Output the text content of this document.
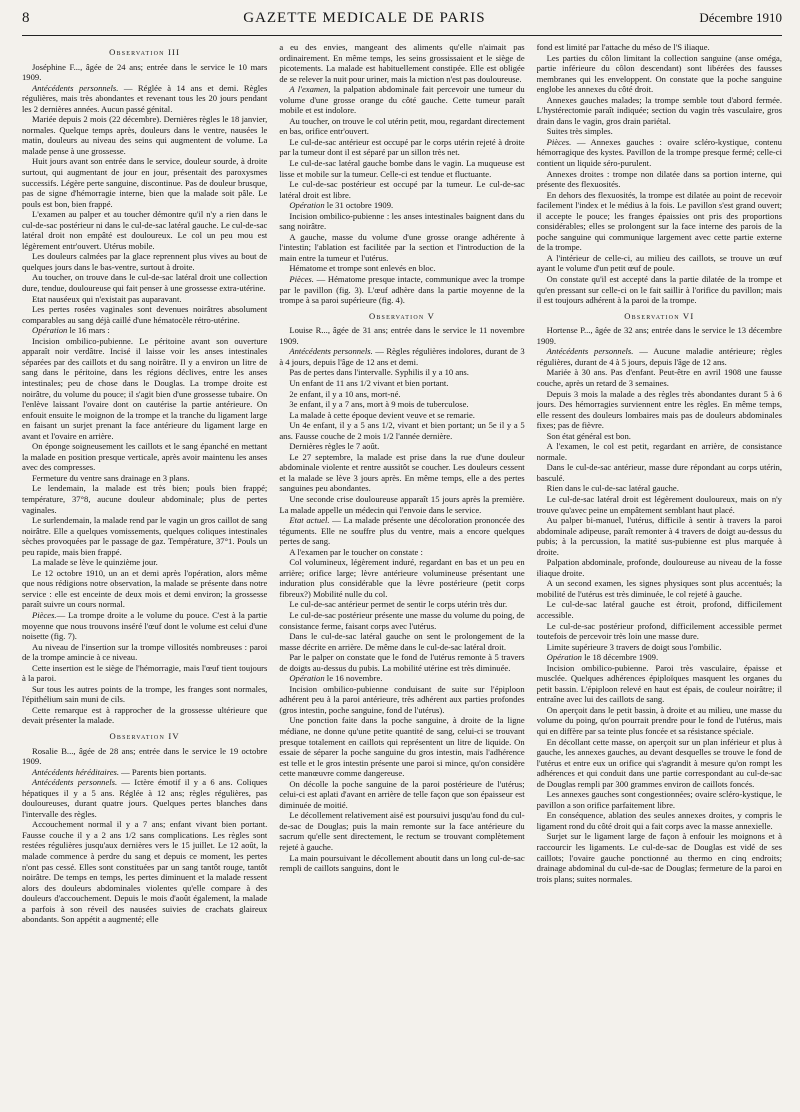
8	GAZETTE MEDICALE DE PARIS	Décembre 1910
Observation III

Joséphine F..., âgée de 24 ans; entrée dans le service le 10 mars 1909.

Antécédents personnels. — Réglée à 14 ans et demi. Règles régulières, mais très abondantes et revenant tous les 20 jours pendant les 2 dernières années. Aucun passé génital.

Mariée depuis 2 mois (22 décembre). Dernières règles le 18 janvier, normales. Quelque temps après, douleurs dans le ventre, nausées le matin, douleurs au niveau des seins qui augmentent de volume. La malade pense à une grossesse.

Huit jours avant son entrée dans le service, douleur sourde, à droite surtout, qui augmentant de jour en jour, présentait des paroxysmes successifs. Légère perte sanguine, discontinue. Pas de douleur brusque, pas de signe d'hémorragie interne, bien que la malade soit pâle. Le pouls est bon, bien frappé.

L'examen au palper et au toucher démontre qu'il n'y a rien dans le cul-de-sac postérieur ni dans le cul-de-sac latéral gauche. Le cul-de-sac latéral droit non empâté est douloureux. Le col un peu mou est légèrement entr'ouvert. Utérus mobile.

Les douleurs calmées par la glace reprennent plus vives au bout de quelques jours dans le bas-ventre, surtout à droite.

Au toucher, on trouve dans le cul-de-sac latéral droit une collection dure, tendue, douloureuse qui fait penser à une grossesse extra-utérine.

Etat nauséeux qui n'existait pas auparavant.

Les pertes rosées vaginales sont devenues noirâtres absolument comparables au sang déjà caillé d'une hématocèle rétro-utérine.

Opération le 16 mars :

Incision ombilico-pubienne. Le péritoine avant son ouverture apparaît noir verdâtre. Incisé il laisse voir les anses intestinales séparées par des caillots et du sang noirâtre. Il y a environ un litre de sang dans le péritoine, dans les régions déclives, entre les anses intestinales; peu de chose dans le Douglas. La trompe droite est noirâtre, du volume du pouce; il s'agit bien d'une grossesse tubaire. On l'enlève laissant l'ovaire dont on cautérise la partie antérieure. On enfouit ensuite le moignon de la trompe et la tranche du ligament large en faisant un surjet prenant la face antérieure du ligament large en avant et l'ovaire en arrière.

On éponge soigneusement les caillots et le sang épanché en mettant la malade en position presque verticale, après avoir maintenu les anses avec des compresses.

Fermeture du ventre sans drainage en 3 plans.

Le lendemain, la malade est très bien; pouls bien frappé; température, 37°8, aucune douleur abdominale; plus de pertes vaginales.

Le surlendemain, la malade rend par le vagin un gros caillot de sang noirâtre. Elle a quelques vomissements, quelques coliques intestinales sèches provoquées par le passage de gaz. Température, 37°1. Pouls un peu rapide, mais bien frappé.

La malade se lève le quinzième jour.

Le 12 octobre 1910, un an et demi après l'opération, alors même que nous rédigions notre observation, la malade se présente dans notre service : elle est enceinte de deux mois et demi environ; la grossesse paraît suivre un cours normal.

Pièces.— La trompe droite a le volume du pouce. C'est à la partie moyenne que nous trouvons inséré l'œuf dont le volume est celui d'une noisette (fig. 7).

Au niveau de l'insertion sur la trompe villosités nombreuses : paroi de la trompe amincie à ce niveau.

Cette insertion est le siège de l'hémorragie, mais l'œuf tient toujours à la paroi.

Sur tous les autres points de la trompe, les franges sont normales, l'épithélium sain muni de cils.

Cette remarque est à rapprocher de la grossesse ultérieure que devait présenter la malade.

Observation IV

Rosalie B..., âgée de 28 ans; entrée dans le service le 19 octobre 1909.

Antécédents héréditaires. — Parents bien portants.

Antécédents personnels. — Ictère émotif il y a 6 ans. Coliques hépatiques il y a 5 ans. Réglée à 12 ans; règles régulières, pas douloureuses, durant quatre jours. Quelques pertes blanches dans l'intervalle des règles.

Accouchement normal il y a 7 ans; enfant vivant bien portant. Fausse couche il y a 2 ans 1/2 sans complications. Les règles sont restées régulières jusqu'aux dernières vers le 15 juillet. Le 12 août, la malade commence à perdre du sang et depuis ce moment, les pertes n'ont pas cessé. Elles sont constituées par un sang tantôt rouge, tantôt noirâtre. De temps en temps, les pertes diminuent et la malade ressent alors des douleurs abdominales violentes qu'elle compare à des douleurs d'accouchement. Depuis le mois d'août également, la malade a parfois à son réveil des nausées suivies de crachats glaireux abondants. Son appétit a augmenté; elle

a eu des envies, mangeant des aliments qu'elle n'aimait pas ordinairement. En même temps, les seins grossissaient et le siège de picotements. La malade est habituellement constipée. Elle est obligée de se relever la nuit pour uriner, mais la miction n'est pas douloureuse.

A l'examen, la palpation abdominale fait percevoir une tumeur du volume d'une grosse orange du côté gauche. Cette tumeur paraît mobile et est indolore.

Au toucher, on trouve le col utérin petit, mou, regardant directement en bas, orifice entr'ouvert.

Le cul-de-sac antérieur est occupé par le corps utérin rejeté à droite par la tumeur dont il est séparé par un sillon très net.

Le cul-de-sac latéral gauche bombe dans le vagin. La muqueuse est lisse et mobile sur la tumeur. Celle-ci est tendue et fluctuante.

Le cul-de-sac postérieur est occupé par la tumeur. Le cul-de-sac latéral droit est libre.

Opération le 31 octobre 1909.

Incision ombilico-pubienne : les anses intestinales baignent dans du sang noirâtre.

A gauche, masse du volume d'une grosse orange adhérente à l'intestin; l'ablation est facilitée par la section et l'introduction de la main entre la tumeur et l'utérus.

Hématome et trompe sont enlevés en bloc.

Pièces. — Hématome presque intacte, communique avec la trompe par le pavillon (fig. 3). L'œuf adhère dans la partie moyenne de la trompe à sa paroi supérieure (fig. 4).

Observation V

Louise R..., âgée de 31 ans; entrée dans le service le 11 novembre 1909.

Antécédents personnels. — Règles régulières indolores, durant de 3 à 4 jours, depuis l'âge de 12 ans et demi.

Pas de pertes dans l'intervalle. Syphilis il y a 10 ans.

Un enfant de 11 ans 1/2 vivant et bien portant.

2e enfant, il y a 10 ans, mort-né.

3e enfant, il y a 7 ans, mort à 9 mois de tuberculose.

La malade à cette époque devient veuve et se remarie.

Un 4e enfant, il y a 5 ans 1/2, vivant et bien portant; un 5e il y a 5 ans. Fausse couche de 2 mois 1/2 l'année dernière.

Dernières règles le 7 août.

Le 27 septembre, la malade est prise dans la rue d'une douleur abdominale violente et rentre aussitôt se coucher. Les douleurs cessent et la malade se lève 3 jours après. En même temps, elle a des pertes sanguines peu abondantes.

Une seconde crise douloureuse apparaît 15 jours après la première. La malade appelle un médecin qui l'envoie dans le service.

Etat actuel. — La malade présente une décoloration prononcée des téguments. Elle ne souffre plus du ventre, mais a encore quelques pertes de sang.

A l'examen par le toucher on constate :

Col volumineux, légèrement induré, regardant en bas et un peu en arrière; orifice large; lèvre antérieure volumineuse présentant une induration plus considérable que la lèvre postérieure (petit corps fibreux?) Mobilité nulle du col.

Le cul-de-sac antérieur permet de sentir le corps utérin très dur.

Le cul-de-sac postérieur présente une masse du volume du poing, de consistance ferme, faisant corps avec l'utérus.

Dans le cul-de-sac latéral gauche on sent le prolongement de la masse décrite en arrière. De même dans le cul-de-sac latéral droit.

Par le palper on constate que le fond de l'utérus remonte à 5 travers de doigts au-dessus du pubis. La mobilité utérine est très diminuée.

Opération le 16 novembre.

Incision ombilico-pubienne conduisant de suite sur l'épiploon adhérent peu à la paroi antérieure, très adhérent aux parties profondes (gros intestin, poche sanguine, fond de l'utérus).

Une ponction faite dans la poche sanguine, à droite de la ligne médiane, ne donne qu'une petite quantité de sang, celui-ci se trouvant presque totalement en caillots qui représentent un litre de liquide. On essaie de séparer la poche sanguine du gros intestin, mais l'adhérence est telle et le gros intestin présente une paroi si mince, qu'on considère cette manœuvre comme dangereuse.

On décolle la poche sanguine de la paroi postérieure de l'utérus; celui-ci est aplati d'avant en arrière de telle façon que son épaisseur est diminuée de moitié.

Le décollement relativement aisé est poursuivi jusqu'au fond du cul-de-sac de Douglas; puis la main remonte sur la face antérieure du sacrum qu'elle sent directement, le rectum se trouvant complètement rejeté à gauche.

La main poursuivant le décollement aboutit dans un long cul-de-sac rempli de caillots sanguins, dont le

fond est limité par l'attache du méso de l'S iliaque.

Les parties du côlon limitant la collection sanguine (anse oméga, partie inférieure du côlon descendant) sont libérées des fausses membranes qui les enveloppent. On constate que la poche sanguine englobe les annexes du côté droit.

Annexes gauches malades; la trompe semble tout d'abord fermée. L'hystérectomie paraît indiquée; section du vagin très vasculaire, gros drain dans le vagin, gros drain pariétal.

Suites très simples.

Pièces. — Annexes gauches : ovaire scléro-kystique, contenu hémorragique des kystes. Pavillon de la trompe presque fermé; celle-ci contient un liquide séro-purulent.

Annexes droites : trompe non dilatée dans sa portion interne, qui présente des flexuosités.

En dehors des flexuosités, la trompe est dilatée au point de recevoir facilement l'index et le médius à la fois. Le pavillon s'est grand ouvert; il accepte le pouce; les franges épaissies ont pris des proportions considérables; elles se prolongent sur la face interne des parois de la poche sanguine qui communique largement avec cette partie externe de la trompe.

A l'intérieur de celle-ci, au milieu des caillots, se trouve un œuf ayant le volume d'un petit œuf de poule.

On constate qu'il est accepté dans la partie dilatée de la trompe et qu'en pressant sur celle-ci on le fait saillir à l'orifice du pavillon; mais il est toujours adhérent à la paroi de la trompe.

Observation VI

Hortense P..., âgée de 32 ans; entrée dans le service le 13 décembre 1909.

Antécédents personnels. — Aucune maladie antérieure; règles régulières, durant de 4 à 5 jours, depuis l'âge de 12 ans.

Mariée à 30 ans. Pas d'enfant. Peut-être en avril 1908 une fausse couche, après un retard de 3 semaines.

Depuis 3 mois la malade a des règles très abondantes durant 5 à 6 jours. Des hémorragies surviennent entre les règles. En même temps, elle ressent des douleurs lombaires mais pas de douleurs abdominales fixes; pas de fièvre.

Son état général est bon.

A l'examen, le col est petit, regardant en arrière, de consistance normale.

Dans le cul-de-sac antérieur, masse dure répondant au corps utérin, basculé.

Rien dans le cul-de-sac latéral gauche.

Le cul-de-sac latéral droit est légèrement douloureux, mais on n'y trouve qu'avec peine un empâtement semblant haut placé.

Au palper bi-manuel, l'utérus, difficile à sentir à travers la paroi abdominale adipeuse, paraît remonter à 4 travers de doigt au-dessus du pubis; à la percussion, la matité sus-pubienne est plus marquée à droite.

Palpation abdominale, profonde, douloureuse au niveau de la fosse iliaque droite.

A un second examen, les signes physiques sont plus accentués; la mobilité de l'utérus est très diminuée, le col rejeté à gauche.

Le cul-de-sac latéral gauche est étroit, profond, difficilement accessible.

Le cul-de-sac postérieur profond, difficilement accessible permet toutefois de percevoir très loin une masse dure.

Limite supérieure 3 travers de doigt sous l'ombilic.

Opération le 18 décembre 1909.

Incision ombilico-pubienne. Paroi très vasculaire, épaisse et musclée. Quelques adhérences épiploïques masquent les organes du petit bassin. L'épiploon relevé en haut est épais, de couleur noirâtre; il entraîne avec lui des caillots de sang.

On aperçoit dans le petit bassin, à droite et au milieu, une masse du volume du poing, qu'on pourrait prendre pour le fond de l'utérus, mais qui en diffère par sa teinte plus foncée et sa résistance spéciale.

En décollant cette masse, on aperçoit sur un plan inférieur et plus à gauche, les annexes gauches, au devant desquelles se trouve le fond de l'utérus et entre eux un orifice qui s'agrandit à mesure qu'on rompt les adhérences et qui conduit dans une partie correspondant au cul-de-sac de Douglas rempli par 300 grammes environ de caillots foncés.

Les annexes gauches sont congestionnées; ovaire scléro-kystique, le pavillon a son orifice parfaitement libre.

En conséquence, ablation des seules annexes droites, y compris le ligament rond du côté droit qui a fait corps avec la masse annexielle.

Surjet sur le ligament large de façon à enfouir les moignons et à raccourcir les ligaments. Le cul-de-sac de Douglas est vidé de ses caillots; l'ovaire gauche ponctionné au thermo en cinq endroits; drainage abdominal du cul-de-sac de Douglas; fermeture de la paroi en trois plans; suites normales.
